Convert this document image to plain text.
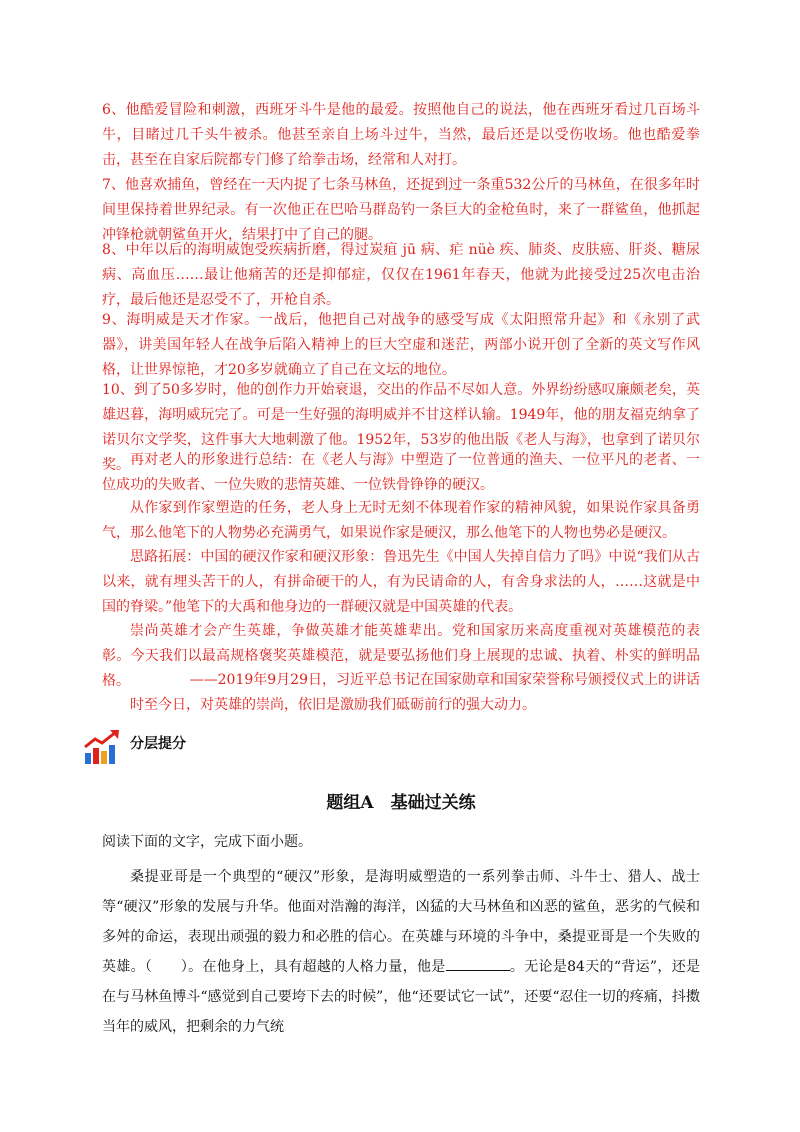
6、他酷爱冒险和刺激，西班牙斗牛是他的最爱。按照他自己的说法，他在西班牙看过几百场斗牛，目睹过几千头牛被杀。他甚至亲自上场斗过牛，当然，最后还是以受伤收场。他也酷爱拳击，甚至在自家后院都专门修了给拳击场，经常和人对打。

7、他喜欢捕鱼，曾经在一天内捉了七条马林鱼，还捉到过一条重532公斤的马林鱼，在很多年时间里保持着世界纪录。有一次他正在巴哈马群岛钓一条巨大的金枪鱼时，来了一群鲨鱼，他抓起冲锋枪就朝鲨鱼开火，结果打中了自己的腿。

8、中年以后的海明威饱受疾病折磨，得过炭疽 jū 病、疟 nüè 疾、肺炎、皮肤癌、肝炎、糖尿病、高血压……最让他痛苦的还是抑郁症，仅仅在1961年春天，他就为此接受过25次电击治疗，最后他还是忍受不了，开枪自杀。

9、海明威是天才作家。一战后，他把自己对战争的感受写成《太阳照常升起》和《永别了武器》，讲美国年轻人在战争后陷入精神上的巨大空虚和迷茫，两部小说开创了全新的英文写作风格，让世界惊艳，才20多岁就确立了自己在文坛的地位。

10、到了50多岁时，他的创作力开始衰退，交出的作品不尽如人意。外界纷纷感叹廉颇老矣，英雄迟暮，海明威玩完了。可是一生好强的海明威并不甘这样认输。1949年，他的朋友福克纳拿了诺贝尔文学奖，这件事大大地刺激了他。1952年，53岁的他出版《老人与海》，也拿到了诺贝尔奖。 再对老人的形象进行总结：在《老人与海》中塑造了一位普通的渔夫、一位平凡的老者、一位成功的失败者、一位失败的悲情英雄、一位铁骨铮铮的硬汉。

从作家到作家塑造的任务，老人身上无时无刻不体现着作家的精神风貌，如果说作家具备勇气，那么他笔下的人物势必充满勇气，如果说作家是硬汉，那么他笔下的人物也势必是硬汉。

思路拓展：中国的硬汉作家和硬汉形象：鲁迅先生《中国人失掉自信力了吗》中说“我们从古以来，就有埋头苦干的人，有拼命硬干的人，有为民请命的人，有舍身求法的人，……这就是中国的脊梁。”他笔下的大禹和他身边的一群硬汉就是中国英雄的代表。

崇尚英雄才会产生英雄，争做英雄才能英雄辈出。党和国家历来高度重视对英雄模范的表彰。今天我们以最高规格褒奖英雄模范，就是要弘扬他们身上展现的忠诚、执着、朴实的鲜明品格。	——2019年9月29日，习近平总书记在国家勋章和国家荣誉称号颁授仪式上的讲话

时至今日，对英雄的崇尚，依旧是激励我们砥砺前行的强大动力。

分层提分
题组A　基础过关练

阅读下面的文字，完成下面小题。

桑提亚哥是一个典型的“硬汉”形象，是海明威塑造的一系列拳击师、斗牛士、猎人、战士等“硬汉”形象的发展与升华。他面对浩瀚的海洋，凶猛的大马林鱼和凶恶的鲨鱼，恶劣的气候和多舛的命运，表现出顽强的毅力和必胜的信心。在英雄与环境的斗争中，桑提亚哥是一个失败的英雄。（　　）。在他身上，具有超越的人格力量，他是	。无论是84天的“背运”，还是在与马林鱼博斗“感觉到自己要垮下去的时候”，他“还要试它一试”，还要“忍住一切的疼痛，抖擞当年的威风，把剩余的力气统
